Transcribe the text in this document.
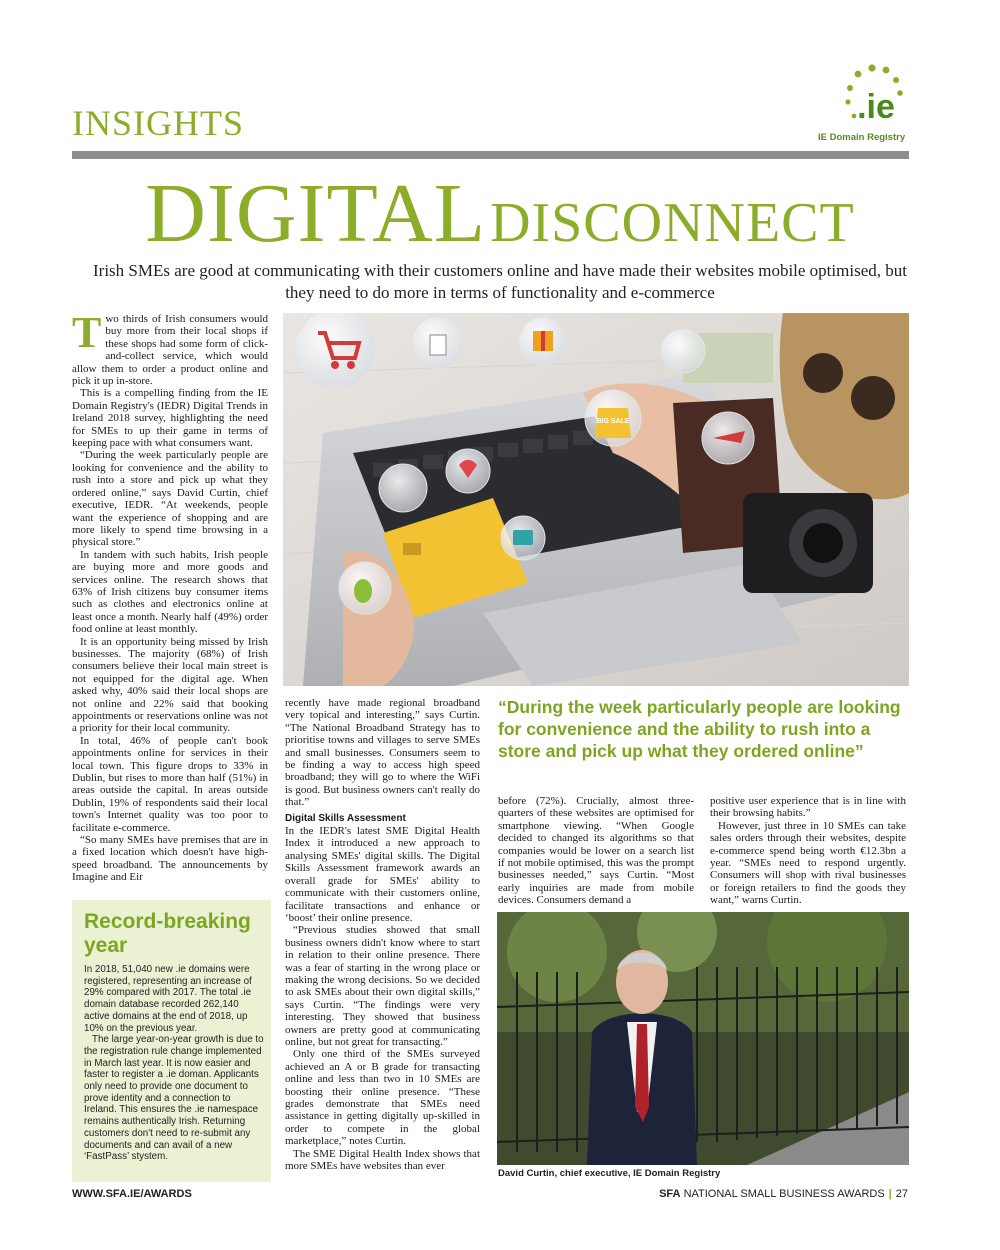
INSIGHTS	.ie
IE Domain Registry
DIGITAL DISCONNECT
Irish SMEs are good at communicating with their customers online and have made their websites mobile optimised, but they need to do more in terms of functionality and e-commerce

Two thirds of Irish consumers would buy more from their local shops if these shops had some form of click-and-collect service, which would allow them to order a product online and pick it up in-store.

This is a compelling finding from the IE Domain Registry's (IEDR) Digital Trends in Ireland 2018 survey, highlighting the need for SMEs to up their game in terms of keeping pace with what consumers want.

“During the week particularly people are looking for convenience and the ability to rush into a store and pick up what they ordered online,” says David Curtin, chief executive, IEDR. “At weekends, people want the experience of shopping and are more likely to spend time browsing in a physical store.”

In tandem with such habits, Irish people are buying more and more goods and services online. The research shows that 63% of Irish citizens buy consumer items such as clothes and electronics online at least once a month. Nearly half (49%) order food online at least monthly.

It is an opportunity being missed by Irish businesses. The majority (68%) of Irish consumers believe their local main street is not equipped for the digital age. When asked why, 40% said their local shops are not online and 22% said that booking appointments or reservations online was not a priority for their local community.

In total, 46% of people can't book appointments online for services in their local town. This figure drops to 33% in Dublin, but rises to more than half (51%) in areas outside the capital. In areas outside Dublin, 19% of respondents said their local town's Internet quality was too poor to facilitate e-commerce.

“So many SMEs have premises that are in a fixed location which doesn't have high-speed broadband. The announcements by Imagine and Eir

BIG SALE
“During the week particularly people are looking for convenience and the ability to rush into a store and pick up what they ordered online”

recently have made regional broadband very topical and interesting,” says Curtin. “The National Broadband Strategy has to prioritise towns and villages to serve SMEs and small businesses. Consumers seem to be finding a way to access high speed broadband; they will go to where the WiFi is good. But business owners can't really do that.”

Digital Skills Assessment

In the IEDR's latest SME Digital Health Index it introduced a new approach to analysing SMEs' digital skills. The Digital Skills Assessment framework awards an overall grade for SMEs' ability to communicate with their customers online, facilitate transactions and enhance or ‘boost’ their online presence.

“Previous studies showed that small business owners didn't know where to start in relation to their online presence. There was a fear of starting in the wrong place or making the wrong decisions. So we decided to ask SMEs about their own digital skills,” says Curtin. “The findings were very interesting. They showed that business owners are pretty good at communicating online, but not great for transacting.”

Only one third of the SMEs surveyed achieved an A or B grade for transacting online and less than two in 10 SMEs are boosting their online presence. “These grades demonstrate that SMEs need assistance in getting digitally up-skilled in order to compete in the global marketplace,” notes Curtin.

The SME Digital Health Index shows that more SMEs have websites than ever

before (72%). Crucially, almost three-quarters of these websites are optimised for smartphone viewing. “When Google decided to changed its algorithms so that companies would be lower on a search list if not mobile optimised, this was the prompt businesses needed,” says Curtin. “Most early inquiries are made from mobile devices. Consumers demand a

positive user experience that is in line with their browsing habits.”

However, just three in 10 SMEs can take sales orders through their websites, despite e-commerce spend being worth €12.3bn a year. “SMEs need to respond urgently. Consumers will shop with rival businesses or foreign retailers to find the goods they want,” warns Curtin.

Record-breaking year

In 2018, 51,040 new .ie domains were registered, representing an increase of 29% compared with 2017. The total .ie domain database recorded 262,140 active domains at the end of 2018, up 10% on the previous year.

The large year-on-year growth is due to the registration rule change implemented in March last year. It is now easier and faster to register a .ie doman. Applicants only need to provide one document to prove identity and a connection to Ireland. This ensures the .ie namespace remains authentically Irish. Returning customers don't need to re-submit any documents and can avail of a new ‘FastPass’ stystem.

David Curtin, chief executive, IE Domain Registry
WWW.SFA.IE/AWARDS	SFA NATIONAL SMALL BUSINESS AWARDS | 27
